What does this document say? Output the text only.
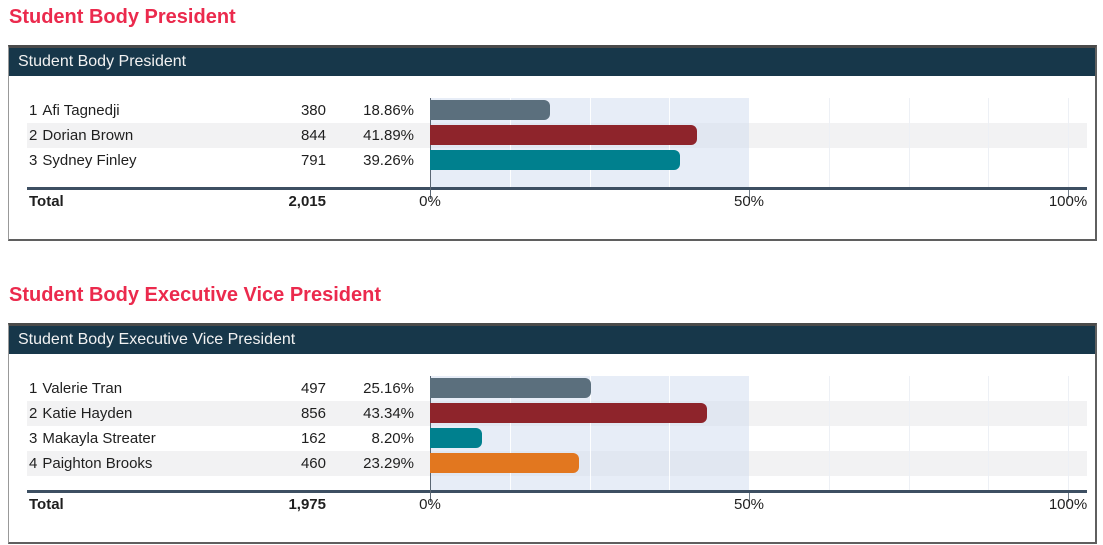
Student Body President
Student Body President
1 Afi Tagnedji	380	18.86%
2 Dorian Brown	844	41.89%
3 Sydney Finley	791	39.26%
Total	2,015	0%	50%	100%
Student Body Executive Vice President
Student Body Executive Vice President
1 Valerie Tran	497	25.16%
2 Katie Hayden	856	43.34%
3 Makayla Streater	162	8.20%
4 Paighton Brooks	460	23.29%
Total	1,975	0%	50%	100%
